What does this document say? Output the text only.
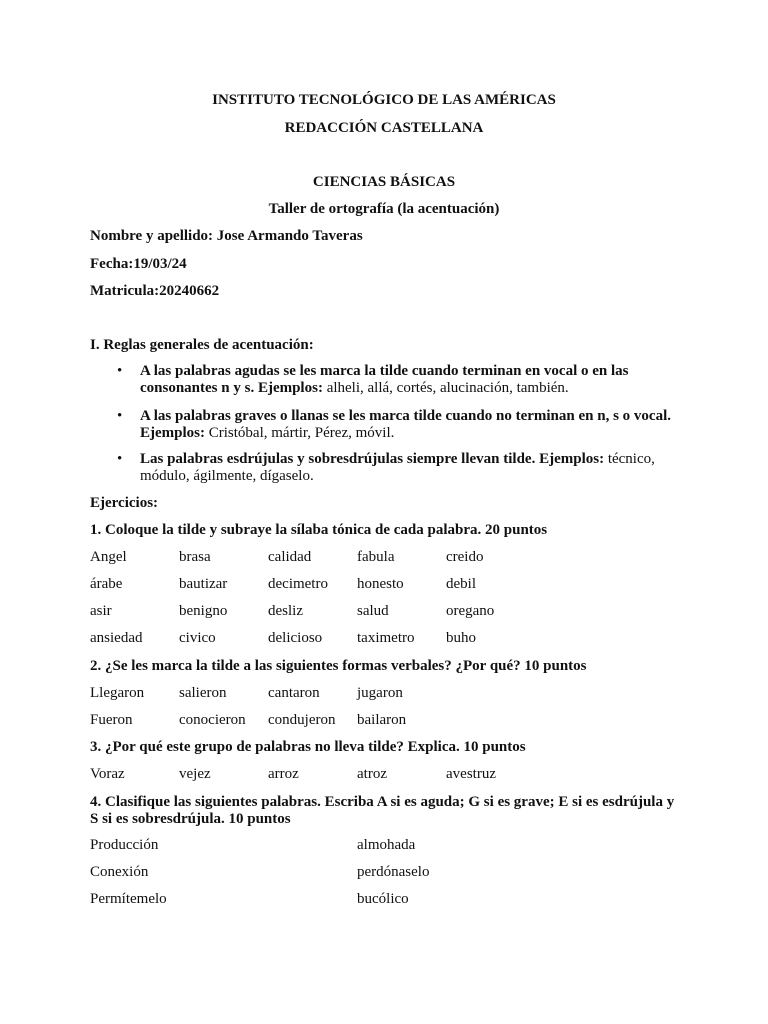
INSTITUTO TECNOLÓGICO DE LAS AMÉRICAS
REDACCIÓN CASTELLANA
CIENCIAS BÁSICAS
Taller de ortografía (la acentuación)
Nombre y apellido: Jose Armando Taveras
Fecha:19/03/24
Matricula:20240662
I. Reglas generales de acentuación:
•	A las palabras agudas se les marca la tilde cuando terminan en vocal o en las consonantes n y s. Ejemplos: alheli, allá, cortés, alucinación, también.
•	A las palabras graves o llanas se les marca tilde cuando no terminan en n, s o vocal. Ejemplos: Cristóbal, mártir, Pérez, móvil.
•	Las palabras esdrújulas y sobresdrújulas siempre llevan tilde. Ejemplos: técnico, módulo, ágilmente, dígaselo.
Ejercicios:
1. Coloque la tilde y subraye la sílaba tónica de cada palabra. 20 puntos
Angel	brasa	calidad	fabula	creido
árabe	bautizar	decimetro honesto	debil
asir	benigno	desliz	salud	oregano
ansiedad civico	delicioso taximetro buho
2. ¿Se les marca la tilde a las siguientes formas verbales? ¿Por qué? 10 puntos
Llegaron salieron	cantaron jugaron
Fueron	conocieron condujeron bailaron
3. ¿Por qué este grupo de palabras no lleva tilde? Explica. 10 puntos
Voraz	vejez	arroz	atroz	avestruz
4. Clasifique las siguientes palabras. Escriba A si es aguda; G si es grave; E si es esdrújula y
S si es sobresdrújula. 10 puntos
Producción	almohada
Conexión	perdónaselo
Permítemelo	bucólico
